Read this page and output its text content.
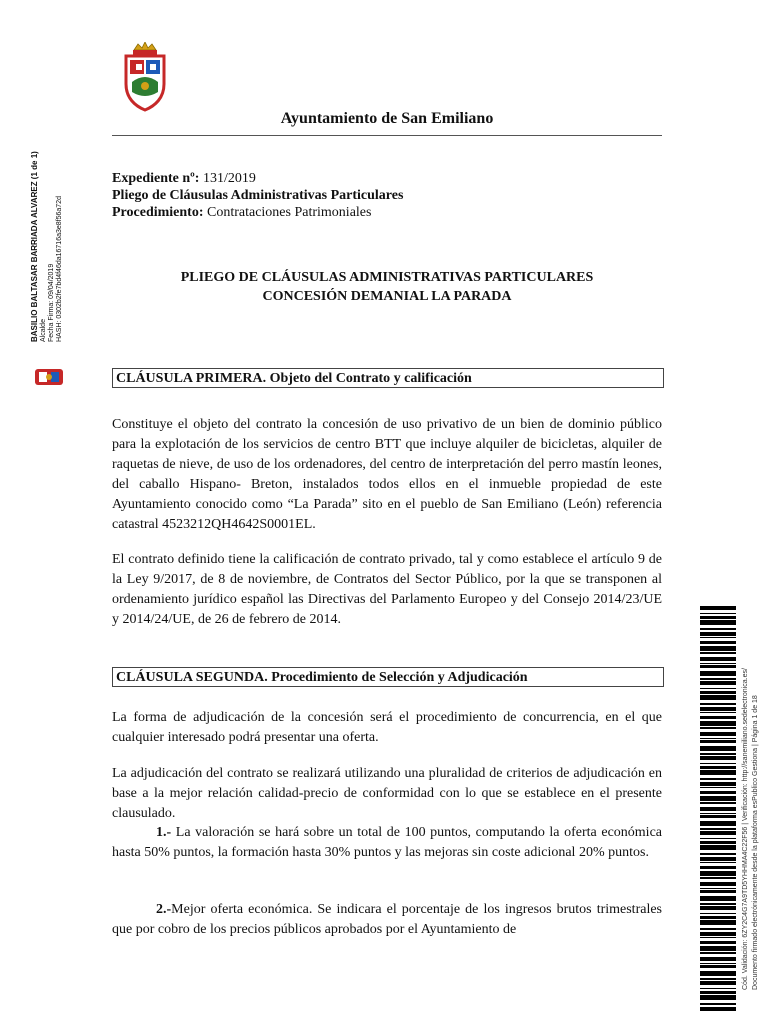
Ayuntamiento de San Emiliano
Expediente nº: 131/2019
Pliego de Cláusulas Administrativas Particulares
Procedimiento: Contrataciones Patrimoniales
PLIEGO DE CLÁUSULAS ADMINISTRATIVAS PARTICULARES
CONCESIÓN DEMANIAL LA PARADA
CLÁUSULA PRIMERA. Objeto del Contrato y calificación
Constituye el objeto del contrato la concesión de uso privativo de un bien de dominio público para la explotación de los servicios de centro BTT que incluye alquiler de bicicletas, alquiler de raquetas de nieve, de uso de los ordenadores, del centro de interpretación del perro mastín leones, del caballo Hispano- Breton, instalados todos ellos en el inmueble propiedad de este Ayuntamiento conocido como “La Parada” sito en el pueblo de San Emiliano (León) referencia catastral 4523212QH4642S0001EL.
El contrato definido tiene la calificación de contrato privado, tal y como establece el artículo 9 de la Ley 9/2017, de 8 de noviembre, de Contratos del Sector Público, por la que se transponen al ordenamiento jurídico español las Directivas del Parlamento Europeo y del Consejo 2014/23/UE y 2014/24/UE, de 26 de febrero de 2014.
CLÁUSULA SEGUNDA. Procedimiento de Selección y Adjudicación
La forma de adjudicación de la concesión será el procedimiento de concurrencia, en el que cualquier interesado podrá presentar una oferta.
La adjudicación del contrato se realizará utilizando una pluralidad de criterios de adjudicación en base a la mejor relación calidad-precio de conformidad con lo que se establece en el presente clausulado.
1.- La valoración se hará sobre un total de 100 puntos, computando la oferta económica hasta 50% puntos, la formación hasta 30% puntos y las mejoras sin coste adicional 20% puntos.
2.-Mejor oferta económica. Se indicara el porcentaje de los ingresos brutos trimestrales que por cobro de los precios públicos aprobados por el Ayuntamiento de
BASILIO BALTASAR BARRIADA ALVAREZ (1 de 1) Alcalde Fecha Firma: 09/04/2019 HASH: 0302b2fe7bd4f46da16716a3e8f56a72d
Cód. Validación: 6ZY2C4G7A9TD5YHHMA4C22F56 | Verificación: http://sanemiliano.sedelectronica.es/ Documento firmado electrónicamente desde la plataforma esPublico Gestiona | Página 1 de 18
